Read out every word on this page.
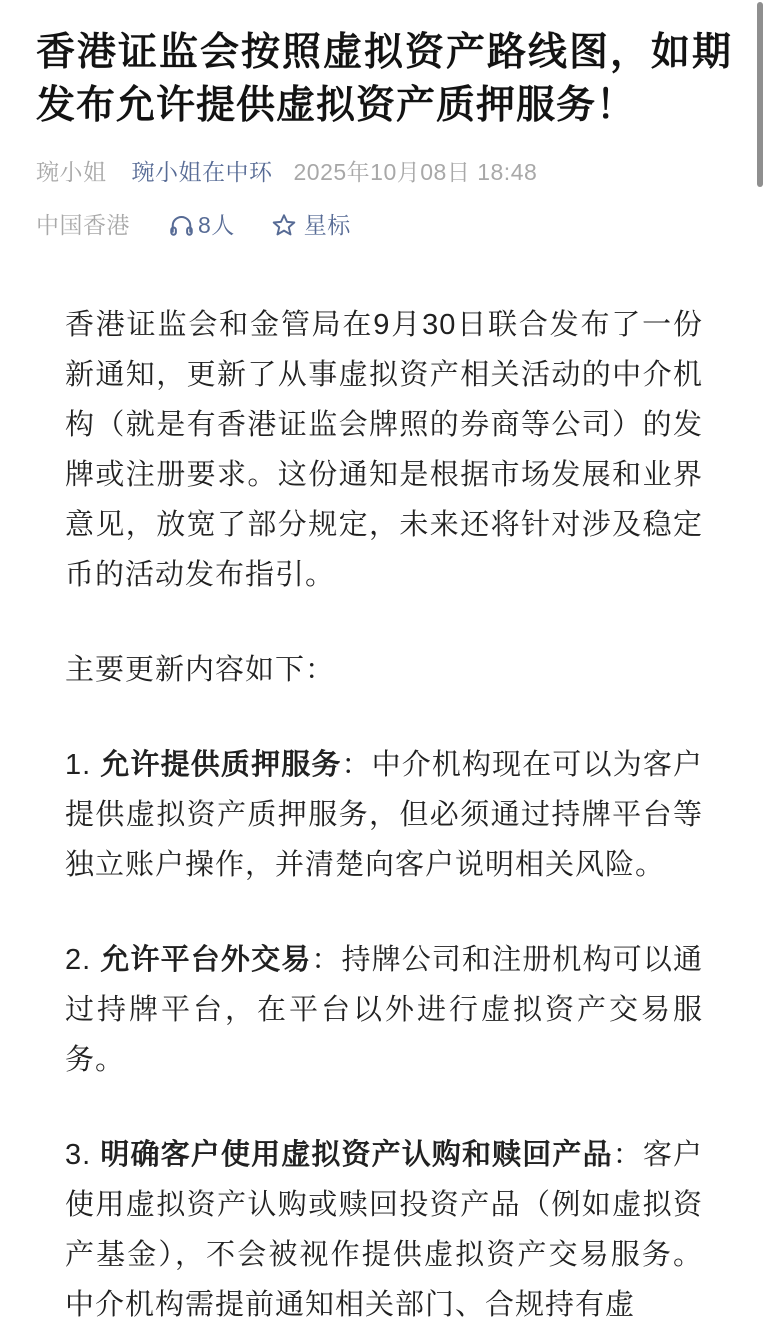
香港证监会按照虚拟资产路线图，如期发布允许提供虚拟资产质押服务！
琬小姐 琬小姐在中环 2025年10月08日 18:48
中国香港	8人	星标

香港证监会和金管局在9月30日联合发布了一份新通知，更新了从事虚拟资产相关活动的中介机构（就是有香港证监会牌照的券商等公司）的发牌或注册要求。这份通知是根据市场发展和业界意见，放宽了部分规定，未来还将针对涉及稳定币的活动发布指引。

主要更新内容如下：

1. 允许提供质押服务：中介机构现在可以为客户提供虚拟资产质押服务，但必须通过持牌平台等独立账户操作，并清楚向客户说明相关风险。

2. 允许平台外交易：持牌公司和注册机构可以通过持牌平台，在平台以外进行虚拟资产交易服务。

3. 明确客户使用虚拟资产认购和赎回产品：客户使用虚拟资产认购或赎回投资产品（例如虚拟资产基金），不会被视作提供虚拟资产交易服务。中介机构需提前通知相关部门、合规持有虚
